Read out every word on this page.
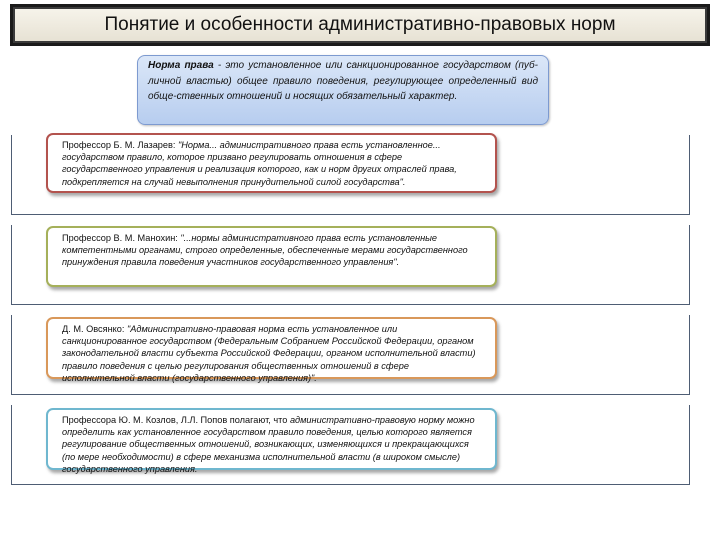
Понятие и особенности административно-правовых норм
Норма права - это установленное или санкционированное государством (пуб-личной властью) общее правило поведения, регулирующее определенный вид обще-ственных отношений и носящих обязательный характер.
Профессор Б. М. Лазарев: "Норма... административного права есть установленное... государством правило, которое призвано регулировать отношения в сфере государственного управления и реализация которого, как и норм других отраслей права, подкрепляется на случай невыполнения принудительной силой государства".
Профессор В. М. Манохин: "...нормы административного права есть установленные компетентными органами, строго определенные, обеспеченные мерами государственного принуждения правила поведения участников государственного управления".
Д. М. Овсянко: "Административно-правовая норма есть установленное или санкционированное государством (Федеральным Собранием Российской Федерации, органом законодательной власти субъекта Российской Федерации, органом исполнительной власти) правило поведения с целью регулирования общественных отношений в сфере исполнительной власти (государственного управления)".
Профессора Ю. М. Козлов, Л.Л. Попов полагают, что административно-правовую норму можно определить как установленное государством правило поведения, целью которого является регулирование общественных отношений, возникающих, изменяющихся и прекращающихся (по мере необходимости) в сфере механизма исполнительной власти (в широком смысле) государственного управления.
